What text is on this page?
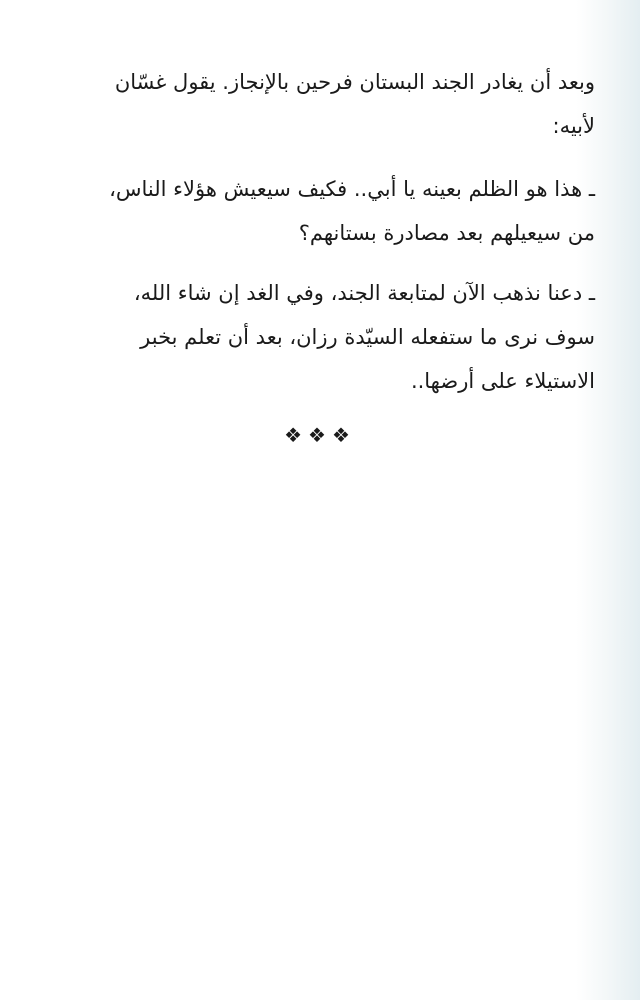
وبعد أن يغادر الجند البستان فرحين بالإنجاز. يقول غسّان
لأبيه:

ـ هذا هو الظلم بعينه يا أبي.. فكيف سيعيش هؤلاء الناس،
من سيعيلهم بعد مصادرة بستانهم؟

ـ دعنا نذهب الآن لمتابعة الجند، وفي الغد إن شاء الله،
سوف نرى ما ستفعله السيّدة رزان، بعد أن تعلم بخبر
الاستيلاء على أرضها..

❖❖❖
